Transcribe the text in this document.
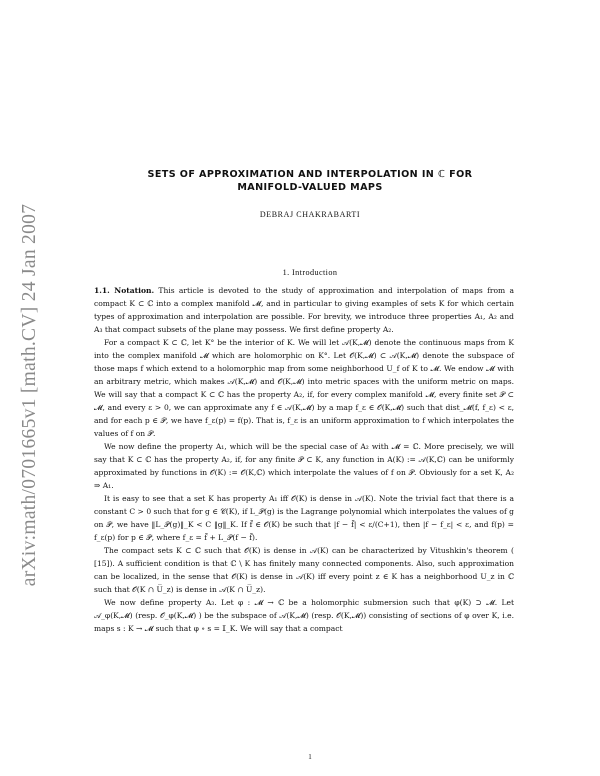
arXiv:math/0701665v1 [math.CV] 24 Jan 2007
SETS OF APPROXIMATION AND INTERPOLATION IN ℂ FOR
MANIFOLD-VALUED MAPS
DEBRAJ CHAKRABARTI
1. Introduction

1.1. Notation. This article is devoted to the study of approximation and interpolation of maps from a compact K ⊂ ℂ into a complex manifold 𝓜, and in particular to giving examples of sets K for which certain types of approximation and interpolation are possible. For brevity, we introduce three properties A₁, A₂ and A₃ that compact subsets of the plane may possess. We first define property A₂.

For a compact K ⊂ ℂ, let K° be the interior of K. We will let 𝒜(K,𝓜) denote the continuous maps from K into the complex manifold 𝓜 which are holomorphic on K°. Let 𝒪(K,𝓜) ⊂ 𝒜(K,𝓜) denote the subspace of those maps f which extend to a holomorphic map from some neighborhood U_f of K to 𝓜. We endow 𝓜 with an arbitrary metric, which makes 𝒜(K,𝓜) and 𝒪(K,𝓜) into metric spaces with the uniform metric on maps. We will say that a compact K ⊂ ℂ has the property A₂, if, for every complex manifold 𝓜, every finite set 𝒫 ⊂ 𝓜, and every ε > 0, we can approximate any f ∈ 𝒜(K,𝓜) by a map f_ε ∈ 𝒪(K,𝓜) such that dist_𝓜(f, f_ε) < ε, and for each p ∈ 𝒫, we have f_ε(p) = f(p). That is, f_ε is an uniform approximation to f which interpolates the values of f on 𝒫.

We now define the property A₁, which will be the special case of A₂ with 𝓜 = ℂ. More precisely, we will say that K ⊂ ℂ has the property A₂, if, for any finite 𝒫 ⊂ K, any function in A(K) := 𝒜(K,ℂ) can be uniformly approximated by functions in 𝒪(K) := 𝒪(K,ℂ) which interpolate the values of f on 𝒫. Obviously for a set K, A₂ ⇒ A₁.

It is easy to see that a set K has property A₁ iff 𝒪(K) is dense in 𝒜(K). Note the trivial fact that there is a constant C > 0 such that for g ∈ 𝒞(K), if L_𝒫(g) is the Lagrange polynomial which interpolates the values of g on 𝒫, we have ‖L_𝒫(g)‖_K < C ‖g‖_K. If f̃ ∈ 𝒪(K) be such that |f − f̃| < ε/(C+1), then |f − f_ε| < ε, and f(p) = f_ε(p) for p ∈ 𝒫, where f_ε = f̃ + L_𝒫(f − f̃).

The compact sets K ⊂ ℂ such that 𝒪(K) is dense in 𝒜(K) can be characterized by Vitushkin's theorem ( [15]). A sufficient condition is that ℂ \ K has finitely many connected components. Also, such approximation can be localized, in the sense that 𝒪(K) is dense in 𝒜(K) iff every point z ∈ K has a neighborhood U_z in ℂ such that 𝒪(K ∩ U̅_z) is dense in 𝒜(K ∩ U̅_z).

We now define property A₃. Let φ : 𝓜 → ℂ be a holomorphic submersion such that φ(K) ⊃ 𝓜. Let 𝒜_φ(K,𝓜) (resp. 𝒪_φ(K,𝓜) ) be the subspace of 𝒜(K,𝓜) (resp. 𝒪(K,𝓜)) consisting of sections of φ over K, i.e. maps s : K → 𝓜 such that φ ∘ s = 𝕀_K. We will say that a compact

1
